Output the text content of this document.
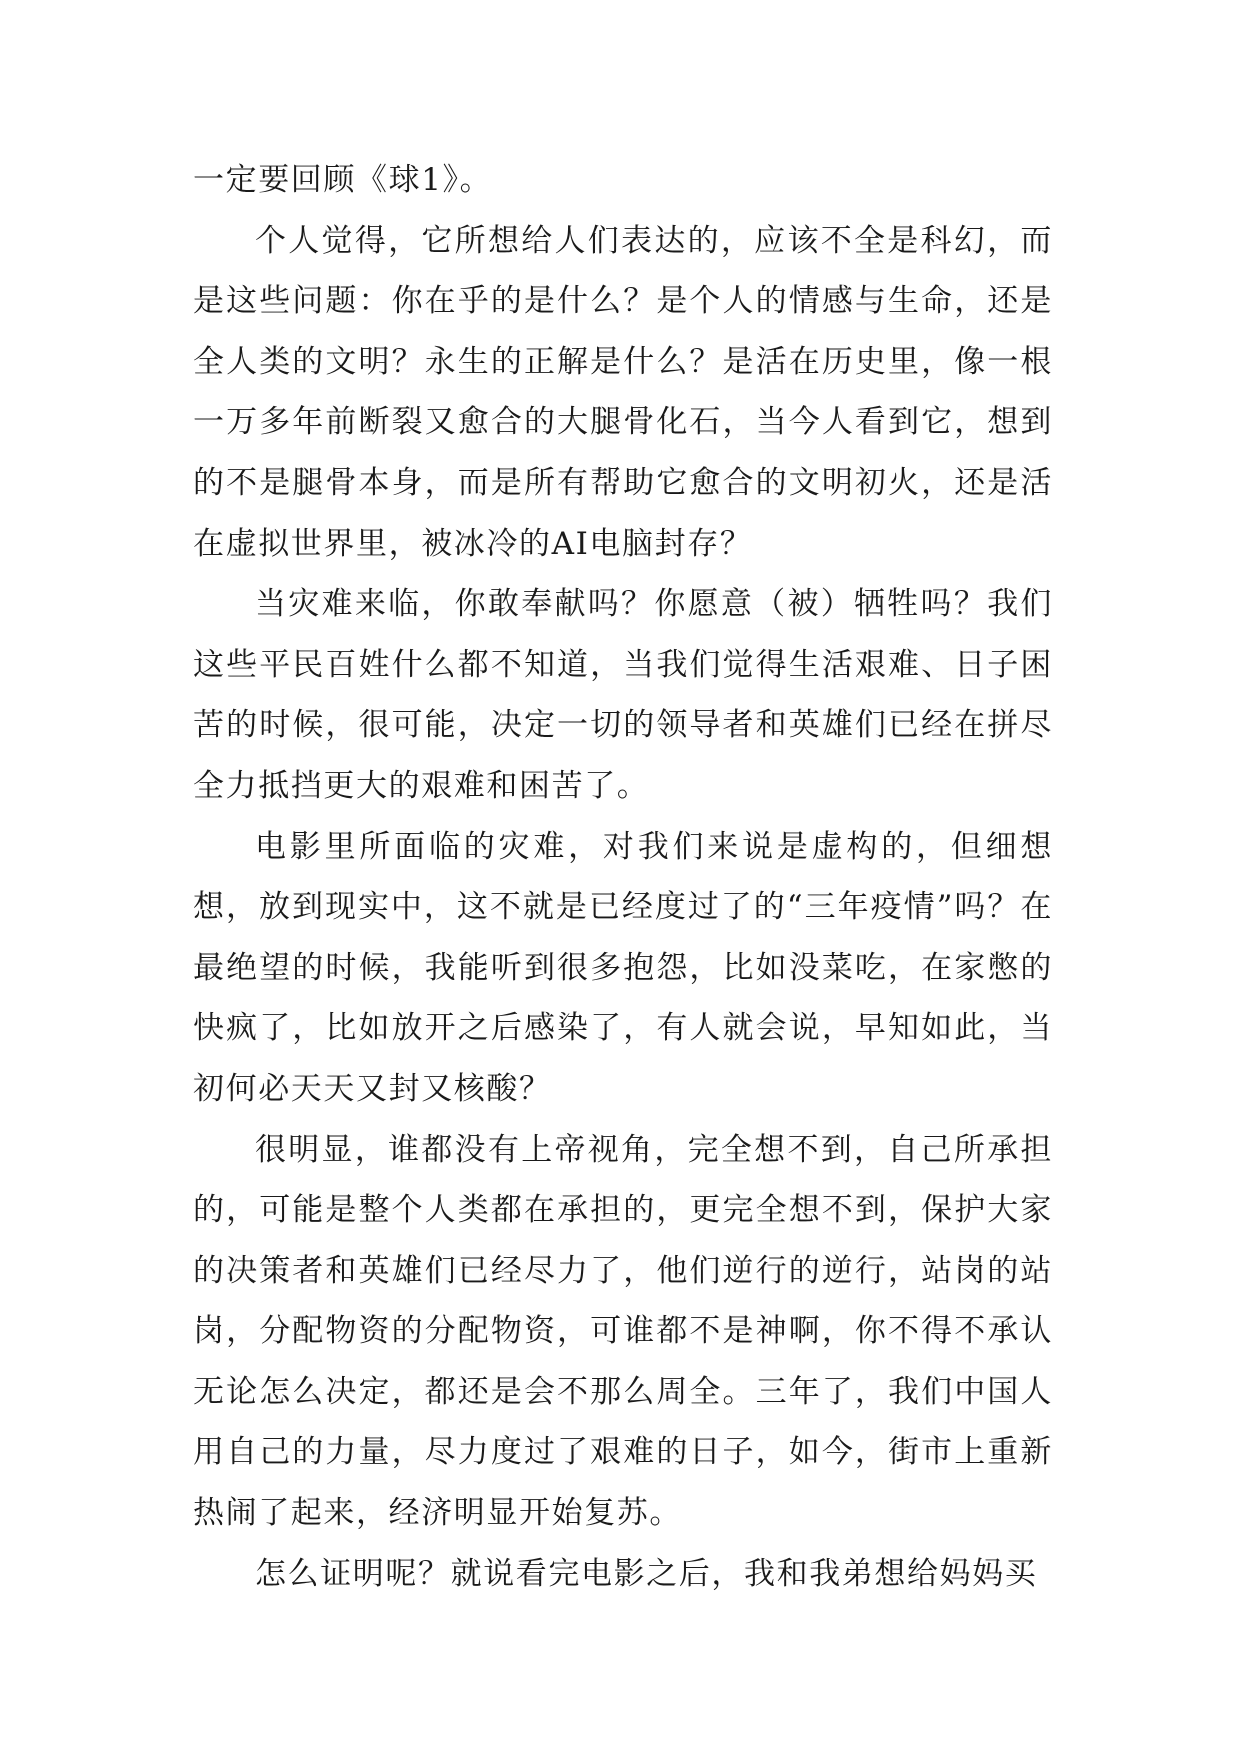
一定要回顾《球1》。

个人觉得，它所想给人们表达的，应该不全是科幻，而是这些问题：你在乎的是什么？是个人的情感与生命，还是全人类的文明？永生的正解是什么？是活在历史里，像一根一万多年前断裂又愈合的大腿骨化石，当今人看到它，想到的不是腿骨本身，而是所有帮助它愈合的文明初火，还是活在虚拟世界里，被冰冷的AI电脑封存？

当灾难来临，你敢奉献吗？你愿意（被）牺牲吗？我们这些平民百姓什么都不知道，当我们觉得生活艰难、日子困苦的时候，很可能，决定一切的领导者和英雄们已经在拼尽全力抵挡更大的艰难和困苦了。

电影里所面临的灾难，对我们来说是虚构的，但细想想，放到现实中，这不就是已经度过了的“三年疫情”吗？在最绝望的时候，我能听到很多抱怨，比如没菜吃，在家憋的快疯了，比如放开之后感染了，有人就会说，早知如此，当初何必天天又封又核酸？

很明显，谁都没有上帝视角，完全想不到，自己所承担的，可能是整个人类都在承担的，更完全想不到，保护大家的决策者和英雄们已经尽力了，他们逆行的逆行，站岗的站岗，分配物资的分配物资，可谁都不是神啊，你不得不承认无论怎么决定，都还是会不那么周全。三年了，我们中国人用自己的力量，尽力度过了艰难的日子，如今，街市上重新热闹了起来，经济明显开始复苏。

怎么证明呢？就说看完电影之后，我和我弟想给妈妈买
